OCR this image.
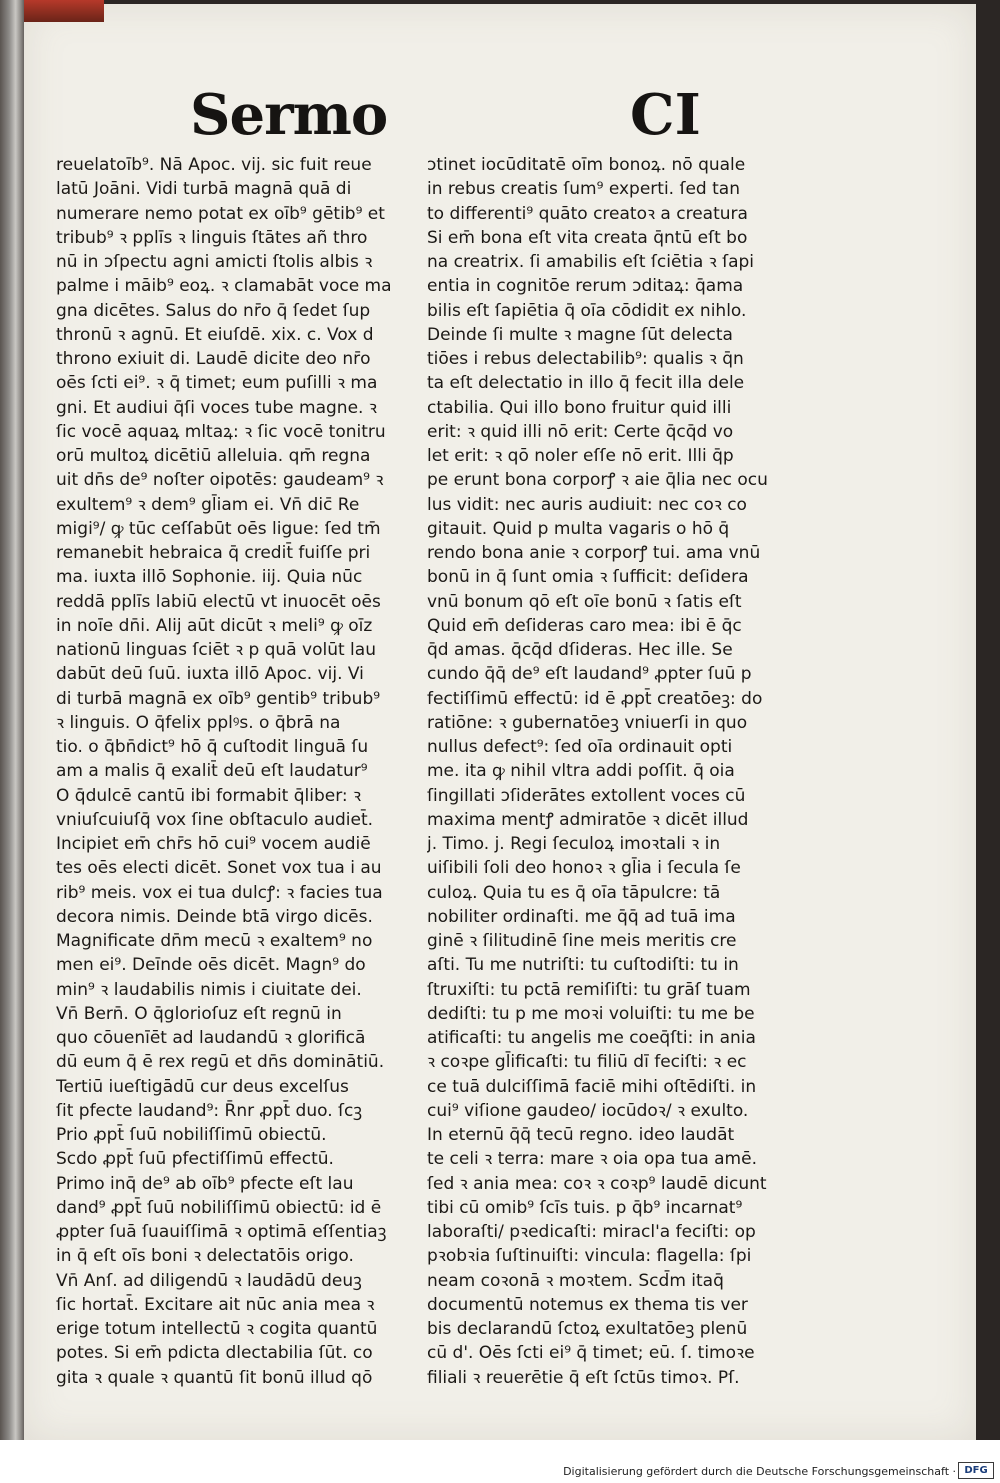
Sermo	CI
reuelatoīb⁹. Nā Apoc. vij. sic fuit reue
latū Joāni. Vidi turbā magnā quā di
numerare nemo potat ex oīb⁹ gētib⁹ et
tribub⁹ ꝛ pplīs ꝛ linguis ſtātes añ thro
nū in ɔſpectu agni amicti ſtolis albis ꝛ
palme i māib⁹ eoꝝ. ꝛ clamabāt voce ma
gna dicētes. Salus do nr̄o q̄ ſedet ſup
thronū ꝛ agnū. Et eiuſdē. xix. c. Vox d
throno exiuit di. Laudē dicite deo nr̄o
oēs ſcti ei⁹. ꝛ q̄ timet; eum puſilli ꝛ ma
gni. Et audiui q̄ſi voces tube magne. ꝛ
ſic vocē aquaꝝ mltaꝝ: ꝛ ſic vocē tonitru
orū multoꝝ dicētiū alleluia. qm̄ regna
uit dn̄s de⁹ noſter oipotēs: gaudeam⁹ ꝛ
exultem⁹ ꝛ dem⁹ gl̄iam ei. Vn̄ dic̄ Re
migi⁹/ ꝙ tūc ceſſabūt oēs ligue: ſed tm̄
remanebit hebraica q̄ credit̄ fuiſſe pri
ma. iuxta illō Sophonie. iij. Quia nūc
reddā pplīs labiū electū vt inuocēt oēs
in noīe dn̄i. Alij aūt dicūt ꝛ meli⁹ ꝙ oīz
nationū linguas ſciēt ꝛ p quā volūt lau
dabūt deū ſuū. iuxta illō Apoc. vij. Vi
di turbā magnā ex oīb⁹ gentib⁹ tribub⁹
ꝛ linguis. O q̄felix pplꝰs. o q̄brā na
tio. o q̄bn̄dict⁹ hō q̄ cuſtodit linguā ſu
am a malis q̄ exalit̄ deū eſt laudatur⁹
O q̄dulcē cantū ibi formabit q̄liber: ꝛ
vniuſcuiuſq̄ vox ſine obſtaculo audiet̄.
Incipiet em̄ chr̄s hō cui⁹ vocem audiē
tes oēs electi dicēt. Sonet vox tua i au
rib⁹ meis. vox ei tua dulcꝭ: ꝛ facies tua
decora nimis. Deinde btā virgo dicēs.
Magnificate dn̄m mecū ꝛ exaltem⁹ no
men ei⁹. Deīnde oēs dicēt. Magn⁹ do
min⁹ ꝛ laudabilis nimis i ciuitate dei.
Vn̄ Bern̄. O q̄glorioſuz eſt regnū in
quo cōuenīēt ad laudandū ꝛ glorificā
dū eum q̄ ē rex regū et dn̄s dominātiū.
Tertiū iueſtigādū cur deus excelſus
ſit pfecte laudand⁹: R̄nr ꝓpt̄ duo. ſcꝫ
Prio ꝓpt̄ ſuū nobiliſſimū obiectū.
Scdo ꝓpt̄ ſuū pfectiſſimū effectū.
Primo inq̄ de⁹ ab oīb⁹ pfecte eſt lau
dand⁹ ꝓpt̄ ſuū nobiliſſimū obiectū: id ē
ꝓpter ſuā ſuauiſſimā ꝛ optimā eſſentiaꝫ
in q̄ eſt oīs boni ꝛ delectatōis origo.
Vn̄ Anſ. ad diligendū ꝛ laudādū deuꝫ
ſic hortat̄. Excitare ait nūc ania mea ꝛ
erige totum intellectū ꝛ cogita quantū
potes. Si em̄ pdicta dlectabilia ſūt. co
gita ꝛ quale ꝛ quantū ſit bonū illud qō
ɔtinet iocūditatē oīm bonoꝝ. nō quale
in rebus creatis ſum⁹ experti. ſed tan
to differenti⁹ quāto creatoꝛ a creatura
Si em̄ bona eſt vita creata q̄ntū eſt bo
na creatrix. ſi amabilis eſt ſciētia ꝛ ſapi
entia in cognitōe rerum ɔditaꝝ: q̄ama
bilis eſt ſapiētia q̄ oīa cōdidit ex nihlo.
Deinde ſi multe ꝛ magne ſūt delecta
tiōes i rebus delectabilib⁹: qualis ꝛ q̄n
ta eſt delectatio in illo q̄ fecit illa dele
ctabilia. Qui illo bono fruitur quid illi
erit: ꝛ quid illi nō erit: Certe q̄cq̄d vo
let erit: ꝛ qō noler eſſe nō erit. Illi q̄p
pe erunt bona corporꝭ ꝛ aie q̄lia nec ocu
lus vidit: nec auris audiuit: nec coꝛ co
gitauit. Quid p multa vagaris o hō q̄
rendo bona anie ꝛ corporꝭ tui. ama vnū
bonū in q̄ ſunt omia ꝛ ſufficit: deſidera
vnū bonum qō eſt oīe bonū ꝛ ſatis eſt
Quid em̄ deſideras caro mea: ibi ē q̄c
q̄d amas. q̄cq̄d dſideras. Hec ille. Se
cundo q̄q̄ de⁹ eſt laudand⁹ ꝓpter ſuū p
fectiſſimū effectū: id ē ꝓpt̄ creatōeꝫ: do
ratiōne: ꝛ gubernatōeꝫ vniuerſi in quo
nullus defect⁹: ſed oīa ordinauit opti
me. ita ꝙ nihil vltra addi poſſit. q̄ oia
ſingillati ɔſiderātes extollent voces cū
maxima mentꝭ admiratōe ꝛ dicēt illud
j. Timo. j. Regi ſeculoꝝ imoꝛtali ꝛ in
uiſibili ſoli deo honoꝛ ꝛ gl̄ia i ſecula ſe
culoꝝ. Quia tu es q̄ oīa tāpulcre: tā
nobiliter ordinaſti. me q̄q̄ ad tuā ima
ginē ꝛ ſilitudinē ſine meis meritis cre
aſti. Tu me nutriſti: tu cuſtodiſti: tu in
ſtruxiſti: tu pctā remiſiſti: tu grāſ tuam
dediſti: tu p me moꝛi voluiſti: tu me be
atificaſti: tu angelis me coeq̄ſti: in ania
ꝛ coꝛpe gl̄ificaſti: tu filiū dī feciſti: ꝛ ec
ce tuā dulciſſimā faciē mihi oſtēdiſti. in
cui⁹ viſione gaudeo/ iocūdoꝛ/ ꝛ exulto.
In eternū q̄q̄ tecū regno. ideo laudāt
te celi ꝛ terra: mare ꝛ oia opa tua amē.
ſed ꝛ ania mea: coꝛ ꝛ coꝛp⁹ laudē dicunt
tibi cū omib⁹ ſcīs tuis. p q̄b⁹ incarnat⁹
laboraſti/ pꝛedicaſti: miracl'a feciſti: op
pꝛobꝛia ſuſtinuiſti: vincula: flagella: ſpi
neam coꝛonā ꝛ moꝛtem. Scd̄m itaq̄
documentū notemus ex thema tis ver
bis declarandū ſctoꝝ exultatōeꝫ plenū
cū d'. Oēs ſcti ei⁹ q̄ timet; eū. ſ. timoꝛe
filiali ꝛ reuerētie q̄ eſt ſctūs timoꝛ. Pſ.
Digitalisierung gefördert durch die Deutsche Forschungsgemeinschaft · DFG
